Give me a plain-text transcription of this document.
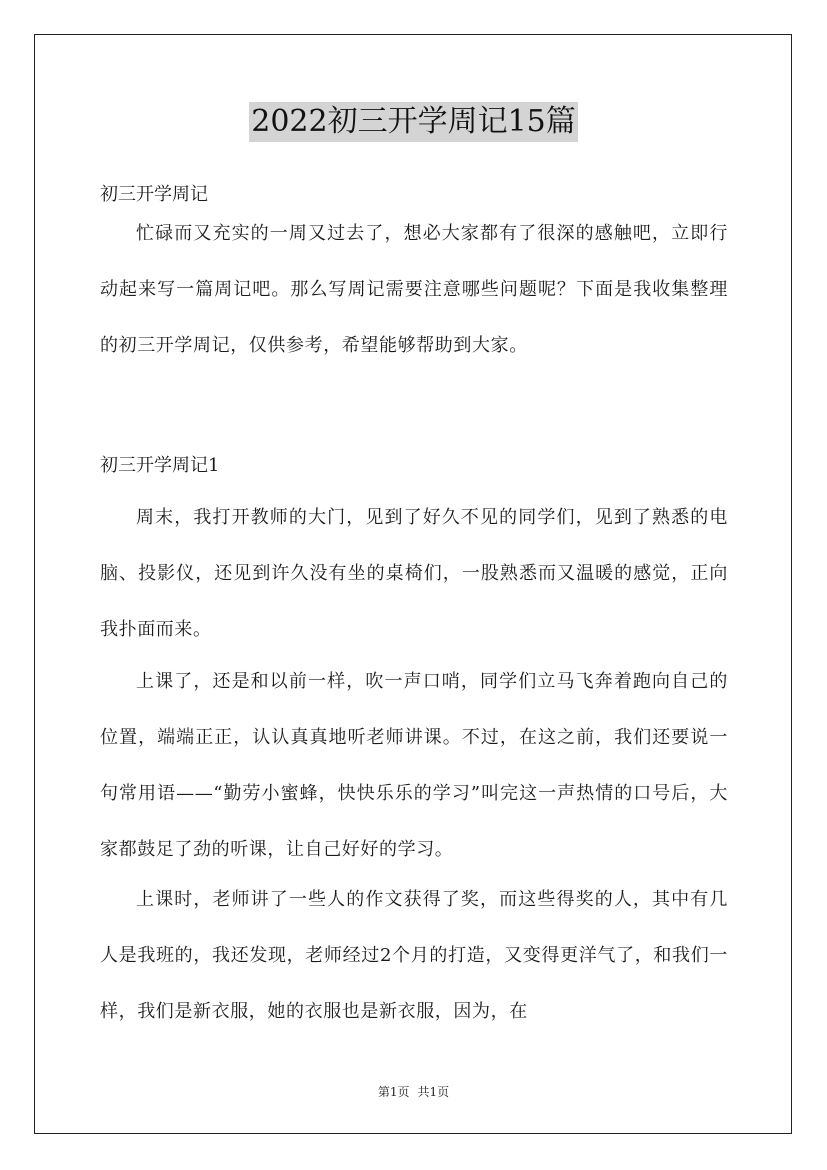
2022初三开学周记15篇
初三开学周记
忙碌而又充实的一周又过去了，想必大家都有了很深的感触吧，立即行动起来写一篇周记吧。那么写周记需要注意哪些问题呢？下面是我收集整理的初三开学周记，仅供参考，希望能够帮助到大家。
初三开学周记1
周末，我打开教师的大门，见到了好久不见的同学们，见到了熟悉的电脑、投影仪，还见到许久没有坐的桌椅们，一股熟悉而又温暖的感觉，正向我扑面而来。
上课了，还是和以前一样，吹一声口哨，同学们立马飞奔着跑向自己的位置，端端正正，认认真真地听老师讲课。不过，在这之前，我们还要说一句常用语——“勤劳小蜜蜂，快快乐乐的学习”叫完这一声热情的口号后，大家都鼓足了劲的听课，让自己好好的学习。
上课时，老师讲了一些人的作文获得了奖，而这些得奖的人，其中有几人是我班的，我还发现，老师经过2个月的打造，又变得更洋气了，和我们一样，我们是新衣服，她的衣服也是新衣服，因为，在
第1页 共1页
